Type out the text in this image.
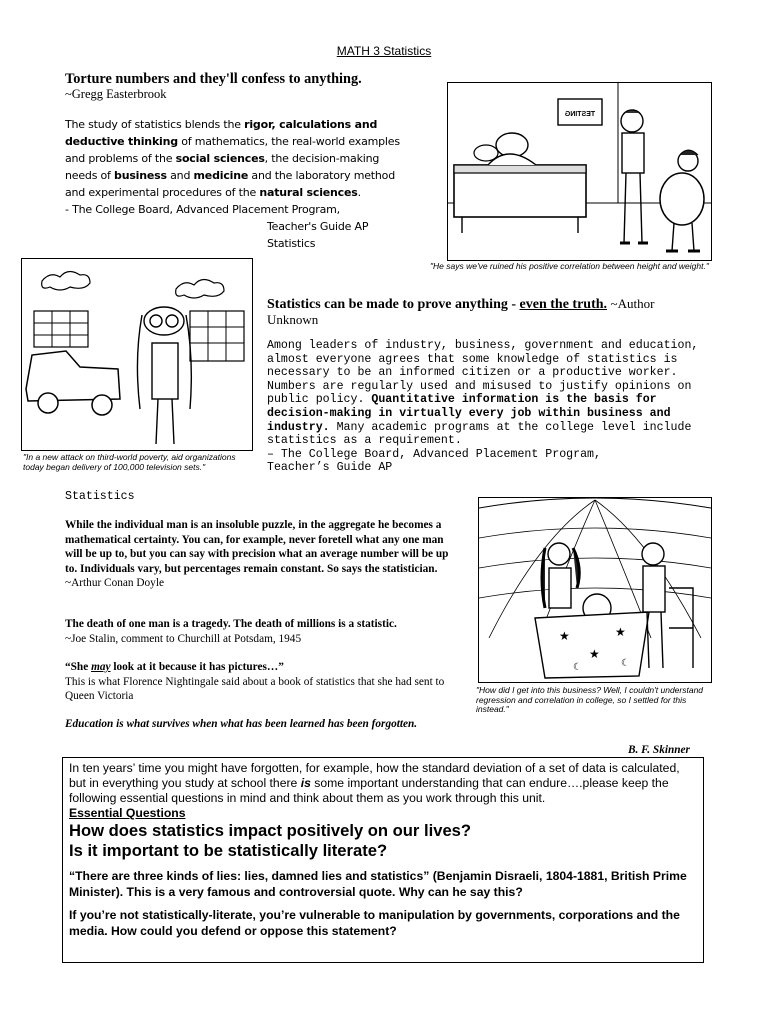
MATH 3 Statistics
Torture numbers and they'll confess to anything.
~Gregg Easterbrook
The study of statistics blends the rigor, calculations and deductive thinking of mathematics, the real-world examples and problems of the social sciences, the decision-making needs of business and medicine and the laboratory method and experimental procedures of the natural sciences.
- The College Board, Advanced Placement Program,
Teacher's Guide AP
Statistics
TESTING
"He says we've ruined his positive correlation between height and weight."
"In a new attack on third-world poverty, aid organizations today began delivery of 100,000 television sets."
Statistics can be made to prove anything - even the truth. ~Author
Unknown
Among leaders of industry, business, government and education, almost everyone agrees that some knowledge of statistics is necessary to be an informed citizen or a productive worker. Numbers are regularly used and misused to justify opinions on public policy. Quantitative information is the basis for decision-making in virtually every job within business and industry. Many academic programs at the college level include statistics as a requirement.
– The College Board, Advanced Placement Program,
Teacher’s Guide AP
Statistics
While the individual man is an insoluble puzzle, in the aggregate he becomes a mathematical certainty. You can, for example, never foretell what any one man will be up to, but you can say with precision what an average number will be up to. Individuals vary, but percentages remain constant. So says the statistician. ~Arthur Conan Doyle
The death of one man is a tragedy. The death of millions is a statistic.
~Joe Stalin, comment to Churchill at Potsdam, 1945
“She may look at it because it has pictures…”
This is what Florence Nightingale said about a book of statistics that she had sent to Queen Victoria
★
★
★
☾	☾
"How did I get into this business? Well, I couldn't understand regression and correlation in college, so I settled for this instead."
Education is what survives when what has been learned has been forgotten.
B. F. Skinner
In ten years’ time you might have forgotten, for example, how the standard deviation of a set of data is calculated, but in everything you study at school there is some important understanding that can endure….please keep the following essential questions in mind and think about them as you work through this unit.
Essential Questions
How does statistics impact positively on our lives?
Is it important to be statistically literate?
“There are three kinds of lies: lies, damned lies and statistics” (Benjamin Disraeli, 1804-1881, British Prime Minister). This is a very famous and controversial quote. Why can he say this?
If you’re not statistically-literate, you’re vulnerable to manipulation by governments, corporations and the media. How could you defend or oppose this statement?
